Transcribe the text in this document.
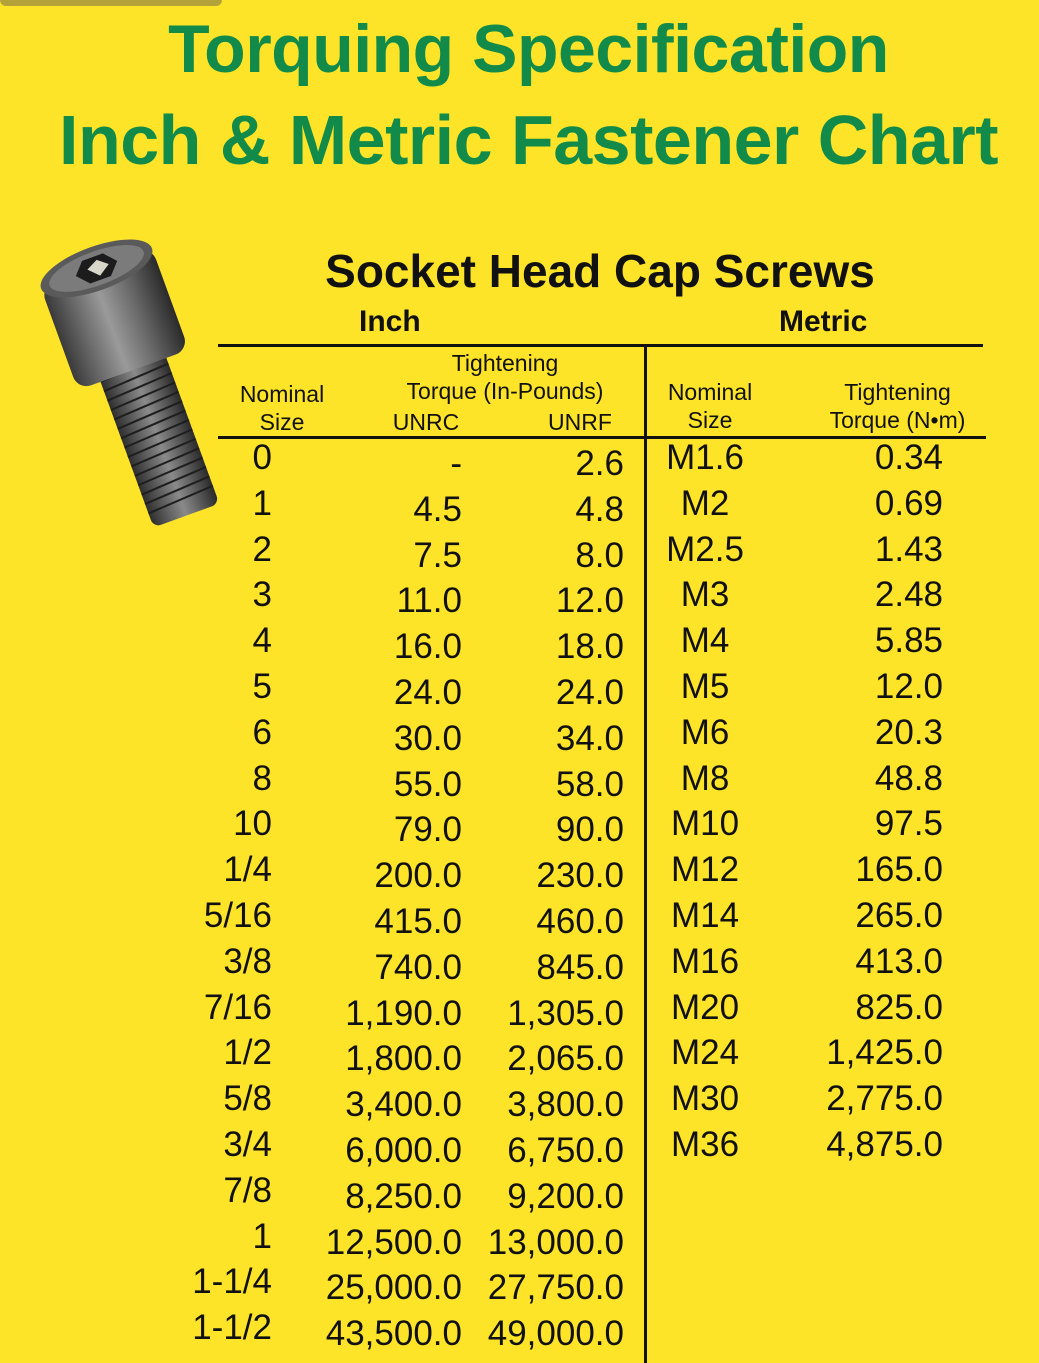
Torquing Specification
Inch & Metric Fastener Chart
Socket Head Cap Screws
Inch	Metric
Nominal
Size
Tightening
Torque (In-Pounds)
UNRC	UNRF
Nominal
Size
Tightening
Torque (N•m)
0	-	2.6
1	4.5	4.8
2	7.5	8.0
3	11.0	12.0
4	16.0	18.0
5	24.0	24.0
6	30.0	34.0
8	55.0	58.0
10	79.0	90.0
1/4	200.0 230.0
5/16	415.0 460.0
3/8	740.0 845.0
7/16 1,190.0 1,305.0
1/2 1,800.0 2,065.0
5/8 3,400.0 3,800.0
3/4 6,000.0 6,750.0
7/8 8,250.0 9,200.0
1 12,500.0 13,000.0
1-1/4 25,000.0 27,750.0
1-1/2 43,500.0 49,000.0
M1.6	0.34
M2	0.69
M2.5	1.43
M3	2.48
M4	5.85
M5	12.0
M6	20.3
M8	48.8
M10	97.5
M12	165.0
M14	265.0
M16	413.0
M20	825.0
M24	1,425.0
M30	2,775.0
M36	4,875.0
